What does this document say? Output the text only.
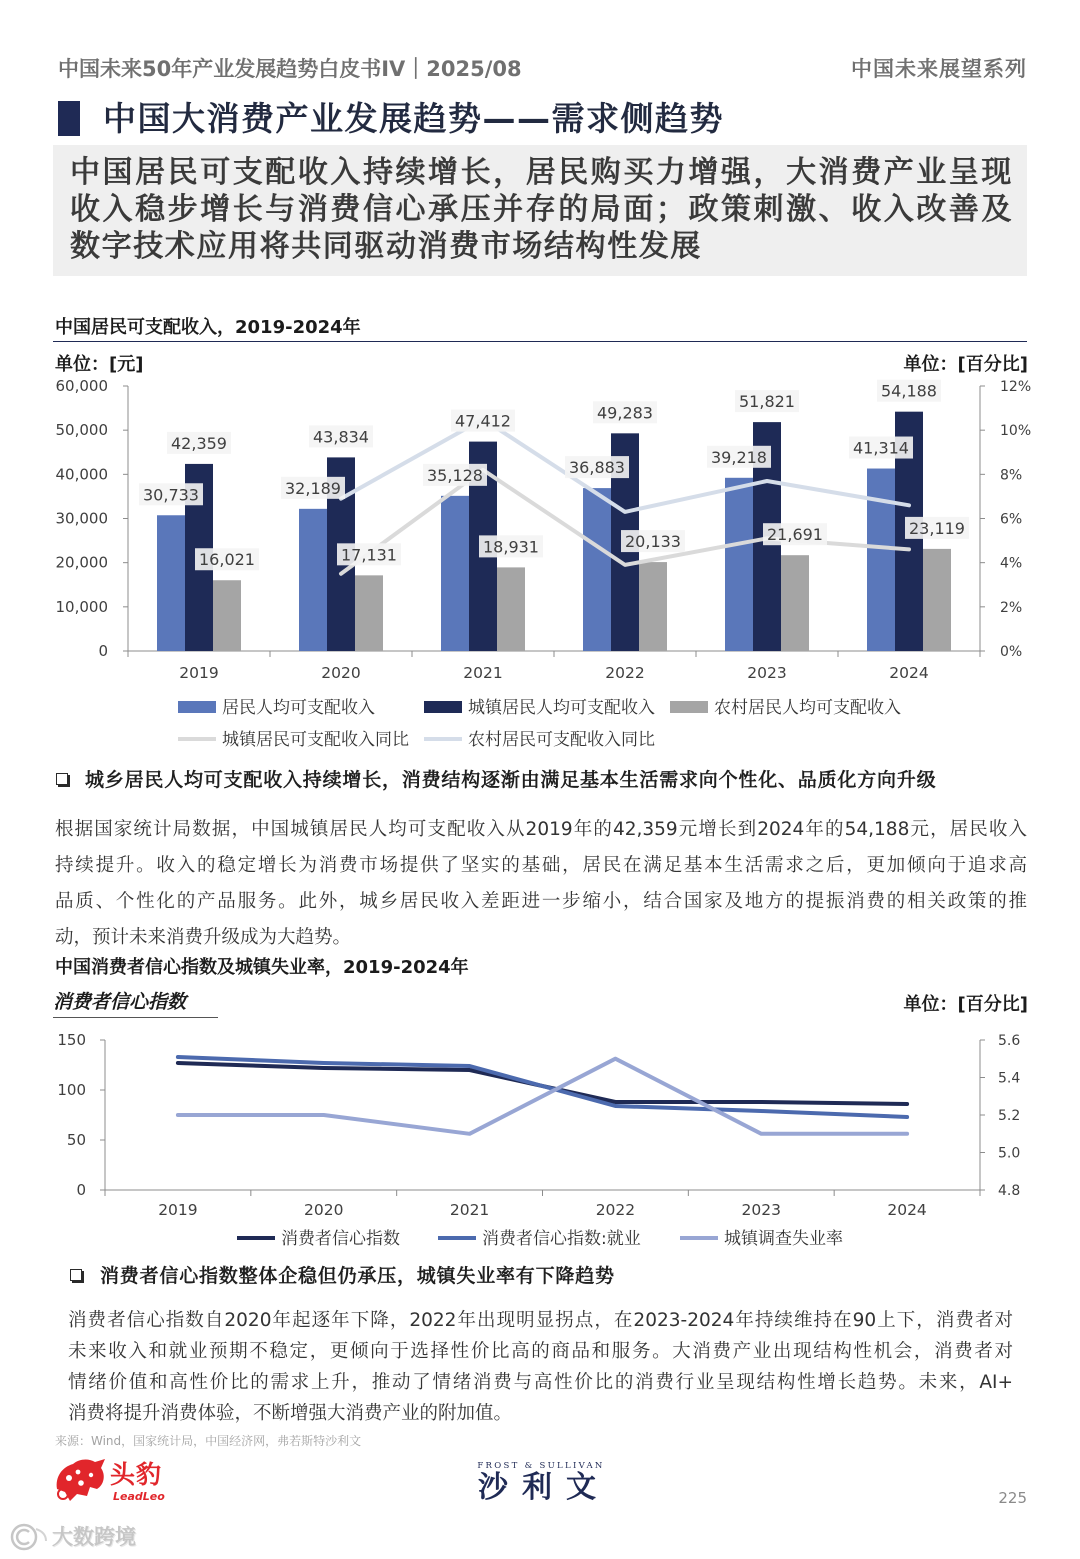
中国未来50年产业发展趋势白皮书IV｜2025/08	中国未来展望系列
中国大消费产业发展趋势——需求侧趋势
中国居民可支配收入持续增长，居民购买力增强，大消费产业呈现
收入稳步增长与消费信心承压并存的局面；政策刺激、收入改善及
数字技术应用将共同驱动消费市场结构性发展
中国居民可支配收入，2019-2024年
单位：[元]	单位：[百分比]
0
10,000
20,000
30,000
40,000
50,000
60,000
0%
2%
4%
6%
8%
10%
12%
2019	2020	2021	2022	2023	2024
30,733	32,189
35,128	36,883
39,218	41,314
42,359	43,834
47,412	49,283
51,821
54,188
16,021	17,131	18,931	20,133	21,691	23,119
居民人均可支配收入	城镇居民人均可支配收入	农村居民人均可支配收入
城镇居民可支配收入同比	农村居民可支配收入同比
城乡居民人均可支配收入持续增长，消费结构逐渐由满足基本生活需求向个性化、品质化方向升级
根据国家统计局数据，中国城镇居民人均可支配收入从2019年的42,359元增长到2024年的54,188元，居民收入
持续提升。收入的稳定增长为消费市场提供了坚实的基础，居民在满足基本生活需求之后，更加倾向于追求高
品质、个性化的产品服务。此外，城乡居民收入差距进一步缩小，结合国家及地方的提振消费的相关政策的推
动，预计未来消费升级成为大趋势。
中国消费者信心指数及城镇失业率，2019-2024年
消费者信心指数	单位：[百分比]
0
50
100
150
4.8
5.0
5.2
5.4
5.6
2019	2020	2021	2022	2023	2024
消费者信心指数	消费者信心指数:就业	城镇调查失业率
消费者信心指数整体企稳但仍承压，城镇失业率有下降趋势
消费者信心指数自2020年起逐年下降，2022年出现明显拐点，在2023-2024年持续维持在90上下，消费者对
未来收入和就业预期不稳定，更倾向于选择性价比高的商品和服务。大消费产业出现结构性机会，消费者对
情绪价值和高性价比的需求上升，推动了情绪消费与高性价比的消费行业呈现结构性增长趋势。未来，AI+
消费将提升消费体验，不断增强大消费产业的附加值。
来源：Wind，国家统计局，中国经济网，弗若斯特沙利文
头豹
LeadLeo
FROST & SULLIVAN
沙利文	225
大数跨境
